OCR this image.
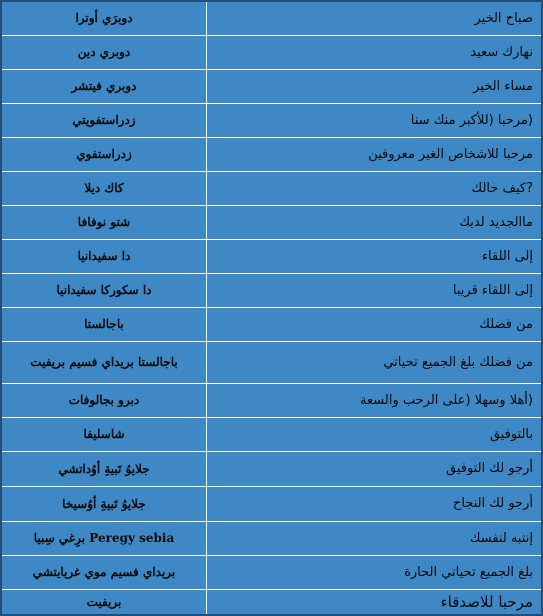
صباح الخير	دوبرَي أوترا
نهارك سعيد	دوبري دين
مساء الخير	دوبري فيتشر
(مرحبا (للأكبر منك سنا	زدراستفويتي
مرحبا للاشخاص الغير معروفين	زدراستفوي
?كيف حالك	كاك ديلا
ماالجديد لديك	شتو نوفافا
إلى اللقاء	دا سفيدانيا
إلى اللقاء قريبا	دا سكوركا سفيدانيا
من فضلك	باجالستا
من فضلك بلغ الجميع تحياتي	باجالستا بريداي فسيم بريفيت
(أهلا وسهلا (على الرحب والسعة	دبرو بجالوفات
بالتوفيق	شاسليفا
أرجو لك التوفيق	جلايوُ تَبيةِ أوُداتشي
أرجو لك النجاح	جلايوُ تَبيةِ أوُسيخا
إنتبه لنفسك	Peregy sebia برِغي سِبيا
بلغ الجميع تحياتي الحارة	بريداي فسيم موي غريايتشي
مرحبا للاصدقاء	بريفيت
